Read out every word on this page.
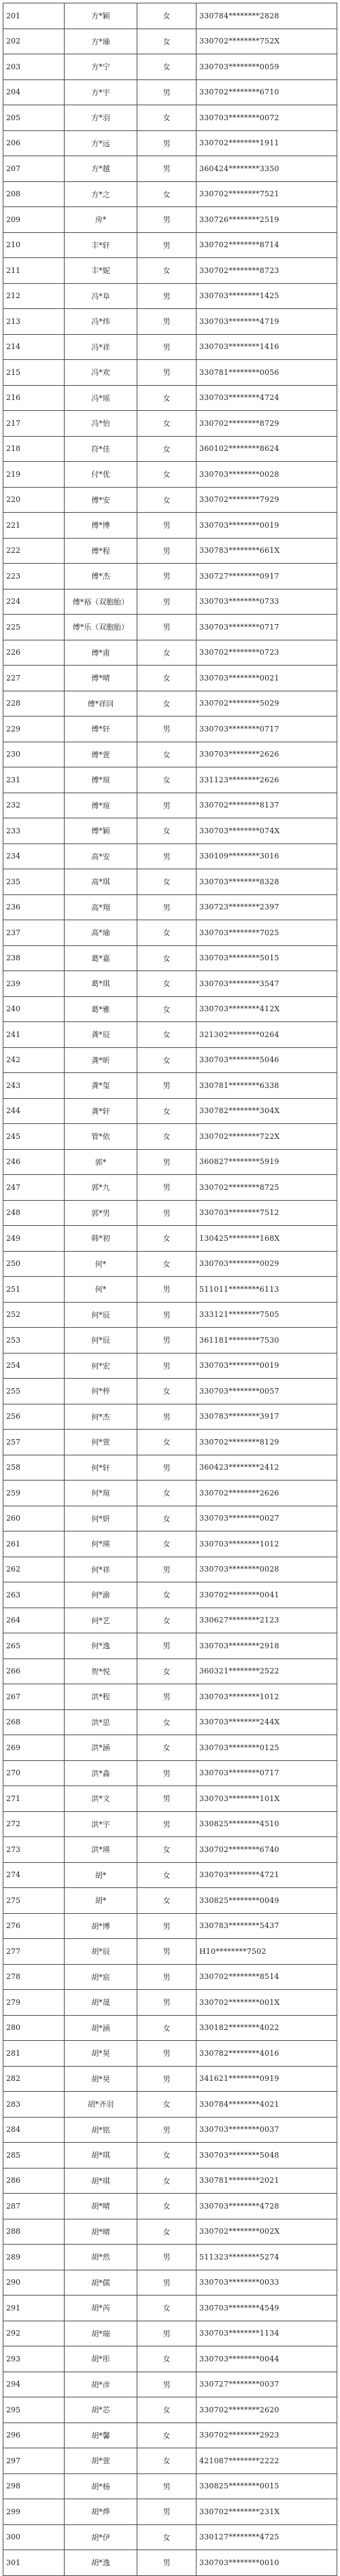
201	方*颖	女	330784********2828
202	方*瑜	女	330702********752X
203	方*宁	女	330703********0059
204	方*宇	男	330702********6710
205	方*羽	女	330703********0072
206	方*远	男	330702********1911
207	方*越	男	360424********3350
208	方*之	女	330702********7521
209	房*	男	330726********2519
210	丰*轩	男	330702********8714
211	丰*妮	女	330702********8723
212	冯*阜	男	330703********1425
213	冯*炜	男	330703********4719
214	冯*祥	男	330703********1416
215	冯*欢	男	330781********0056
216	冯*瑶	女	330703********4724
217	冯*怡	女	330702********8729
218	符*佳	女	360102********8624
219	付*优	女	330703********0028
220	傅*安	女	330702********7929
221	傅*博	男	330703********0019
222	傅*程	男	330783********661X
223	傅*杰	男	330727********0917
224	傅*裕（双胞胎）	男	330703********0733
225	傅*乐（双胞胎）	男	330703********0717
226	傅*甫	女	330702********0723
227	傅*晴	女	330703********0021
228	傅*祥回	女	330702********5029
229	傅*轩	男	330703********0717
230	傅*萱	女	330703********2626
231	傅*瑄	女	331123********2626
232	傅*瑄	男	330702********8137
233	傅*颖	女	330703********074X
234	高*安	男	330109********3016
235	高*琪	女	330703********8328
236	高*翔	男	330723********2397
237	高*瑜	女	330703********7025
238	葛*嘉	女	330703********5015
239	葛*琪	女	330703********3547
240	葛*雅	女	330703********412X
241	龚*辰	女	321302********0264
242	龚*昕	女	330703********5046
243	龚*玺	男	330781********6338
244	龚*轩	女	330782********304X
245	管*依	女	330702********722X
246	郭*	男	360827********5919
247	郭*九	男	330702********8725
248	郭*男	男	330703********7512
249	韩*初	女	130425********168X
250	何*	女	330703********0029
251	何*	男	511011********6113
252	何*辰	男	333121********7505
253	何*辰	男	361181********7530
254	何*宏	男	330703********0019
255	何*梓	女	330703********0057
256	何*杰	男	330783********3917
257	何*萱	女	330702********8129
258	何*轩	男	360423********2412
259	何*瑄	女	330702********2626
260	何*妍	女	330703********0027
261	何*瑛	女	330703********1012
262	何*祥	男	330703********0028
263	何*渝	女	330702********0041
264	何*艺	女	330627********2123
265	何*逸	男	330703********2918
266	贺*悦	女	360321********2522
267	洪*程	男	330703********1012
268	洪*思	女	330703********244X
269	洪*涵	女	330703********0125
270	洪*淼	男	330703********0717
271	洪*文	男	330703********101X
272	洪*宇	男	330825********4510
273	洪*瑛	女	330702********6740
274	胡*	女	330703********4721
275	胡*	女	330825********0049
276	胡*博	男	330783********5437
277	胡*辰	男	H10********7502
278	胡*宸	男	330702********8514
279	胡*晟	男	330702********001X
280	胡*涵	女	330182********4022
281	胡*昊	男	330782********4016
282	胡*昊	男	341621********0919
283	胡*齐羽	女	330784********4021
284	胡*铭	男	330703********0037
285	胡*琪	女	330703********5048
286	胡*琪	女	330781********2021
287	胡*晴	女	330703********4728
288	胡*晴	女	330702********002X
289	胡*然	男	511323********5274
290	胡*儒	男	330703********0033
291	胡*芮	女	330703********4549
292	胡*瑞	男	330703********1134
293	胡*彤	女	330703********0044
294	胡*彦	男	330727********0037
295	胡*芯	女	330702********2620
296	胡*馨	女	330702********2923
297	胡*萱	女	421087********2222
298	胡*杨	男	330825********0015
299	胡*烨	男	330702********231X
300	胡*伊	女	330127********4725
301	胡*逸	男	330703********0010
